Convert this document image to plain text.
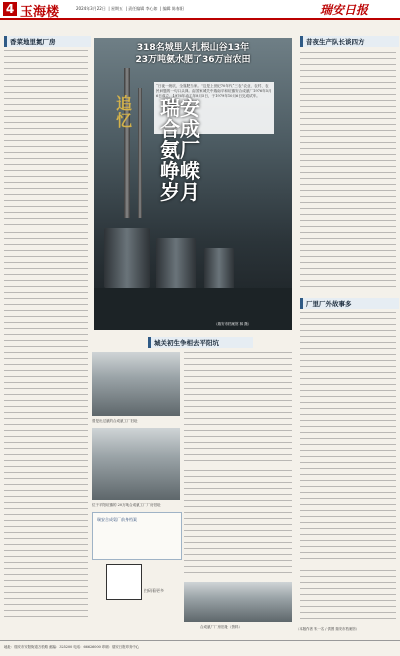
4 玉海楼	2024年3月22日  | 星期五  | 责任编辑 李心如  | 编辑 陈春阳	瑞安日报
香菜地里氮厂房
318名城里人扎根山谷13年
23万吨氨水肥了36万亩农田
“日夜一统坑，全靠肥当家。”这是上世纪70年代“三农”农业、农村、农民问题的一句口头禅。由国家城关中瑞南平和坑镇安合成氨厂1976年5月6日成立，1976年动工年8月5日，于1979年10月6日完成试车。
（瑞安市档案馆 林 摄）
追忆
瑞安合成氨厂峥嵘岁月
城关初生争相去平阳坑
曾是出过氨的合成氨工厂旧址
位于平阳坑镇的 20万吨合成氨工厂厂房旧址
瑞安合成氨厂前身档案
扫码看更多
合成氨厂厂房旧址（资料）
昔夜生产队长谈四方
厂里厂外故事多
（本版作者 朱一名 / 供图 瑞安市档案馆）
地址：瑞安市安阳街道万松路 邮编：325200 电话：66626000 印刷：瑞安日报印务中心
